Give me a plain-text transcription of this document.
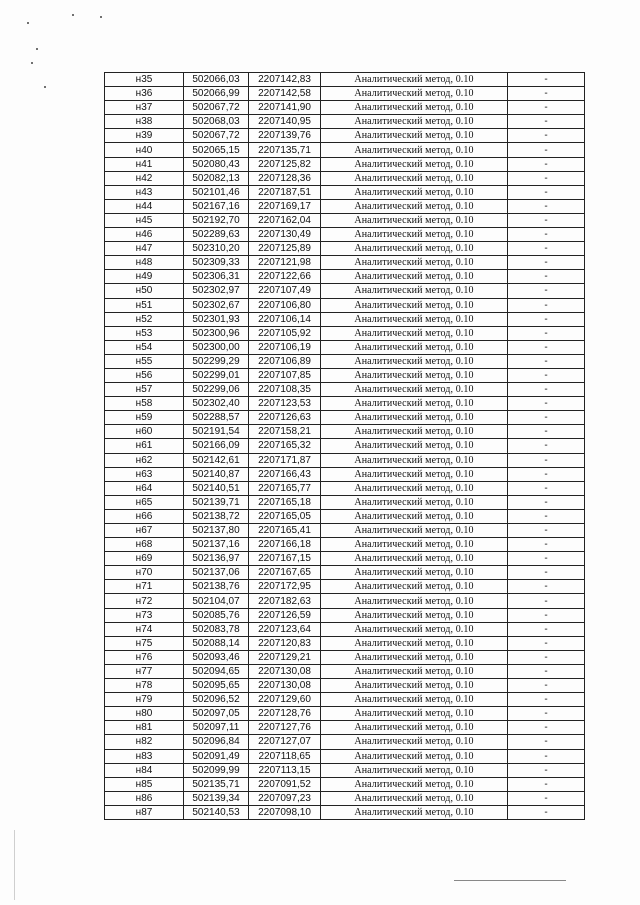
н35	502066,03	2207142,83	Аналитический метод, 0.10	-
н36	502066,99	2207142,58	Аналитический метод, 0.10	-
н37	502067,72	2207141,90	Аналитический метод, 0.10	-
н38	502068,03	2207140,95	Аналитический метод, 0.10	-
н39	502067,72	2207139,76	Аналитический метод, 0.10	-
н40	502065,15	2207135,71	Аналитический метод, 0.10	-
н41	502080,43	2207125,82	Аналитический метод, 0.10	-
н42	502082,13	2207128,36	Аналитический метод, 0.10	-
н43	502101,46	2207187,51	Аналитический метод, 0.10	-
н44	502167,16	2207169,17	Аналитический метод, 0.10	-
н45	502192,70	2207162,04	Аналитический метод, 0.10	-
н46	502289,63	2207130,49	Аналитический метод, 0.10	-
н47	502310,20	2207125,89	Аналитический метод, 0.10	-
н48	502309,33	2207121,98	Аналитический метод, 0.10	-
н49	502306,31	2207122,66	Аналитический метод, 0.10	-
н50	502302,97	2207107,49	Аналитический метод, 0.10	-
н51	502302,67	2207106,80	Аналитический метод, 0.10	-
н52	502301,93	2207106,14	Аналитический метод, 0.10	-
н53	502300,96	2207105,92	Аналитический метод, 0.10	-
н54	502300,00	2207106,19	Аналитический метод, 0.10	-
н55	502299,29	2207106,89	Аналитический метод, 0.10	-
н56	502299,01	2207107,85	Аналитический метод, 0.10	-
н57	502299,06	2207108,35	Аналитический метод, 0.10	-
н58	502302,40	2207123,53	Аналитический метод, 0.10	-
н59	502288,57	2207126,63	Аналитический метод, 0.10	-
н60	502191,54	2207158,21	Аналитический метод, 0.10	-
н61	502166,09	2207165,32	Аналитический метод, 0.10	-
н62	502142,61	2207171,87	Аналитический метод, 0.10	-
н63	502140,87	2207166,43	Аналитический метод, 0.10	-
н64	502140,51	2207165,77	Аналитический метод, 0.10	-
н65	502139,71	2207165,18	Аналитический метод, 0.10	-
н66	502138,72	2207165,05	Аналитический метод, 0.10	-
н67	502137,80	2207165,41	Аналитический метод, 0.10	-
н68	502137,16	2207166,18	Аналитический метод, 0.10	-
н69	502136,97	2207167,15	Аналитический метод, 0.10	-
н70	502137,06	2207167,65	Аналитический метод, 0.10	-
н71	502138,76	2207172,95	Аналитический метод, 0.10	-
н72	502104,07	2207182,63	Аналитический метод, 0.10	-
н73	502085,76	2207126,59	Аналитический метод, 0.10	-
н74	502083,78	2207123,64	Аналитический метод, 0.10	-
н75	502088,14	2207120,83	Аналитический метод, 0.10	-
н76	502093,46	2207129,21	Аналитический метод, 0.10	-
н77	502094,65	2207130,08	Аналитический метод, 0.10	-
н78	502095,65	2207130,08	Аналитический метод, 0.10	-
н79	502096,52	2207129,60	Аналитический метод, 0.10	-
н80	502097,05	2207128,76	Аналитический метод, 0.10	-
н81	502097,11	2207127,76	Аналитический метод, 0.10	-
н82	502096,84	2207127,07	Аналитический метод, 0.10	-
н83	502091,49	2207118,65	Аналитический метод, 0.10	-
н84	502099,99	2207113,15	Аналитический метод, 0.10	-
н85	502135,71	2207091,52	Аналитический метод, 0.10	-
н86	502139,34	2207097,23	Аналитический метод, 0.10	-
н87	502140,53	2207098,10	Аналитический метод, 0.10	-
